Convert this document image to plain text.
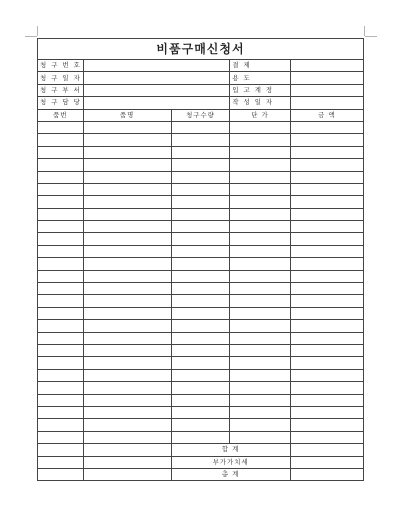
비품구매신청서				
청 구 번 호			결 제	
청 구 일 자			용 도	
청 구 부 서			입 고 계 정	
청 구 담 당			작 성 일 자	
품번	품명	청구수량	단 가	금 액

		합 계		
		부가가치세		
		총 계		
